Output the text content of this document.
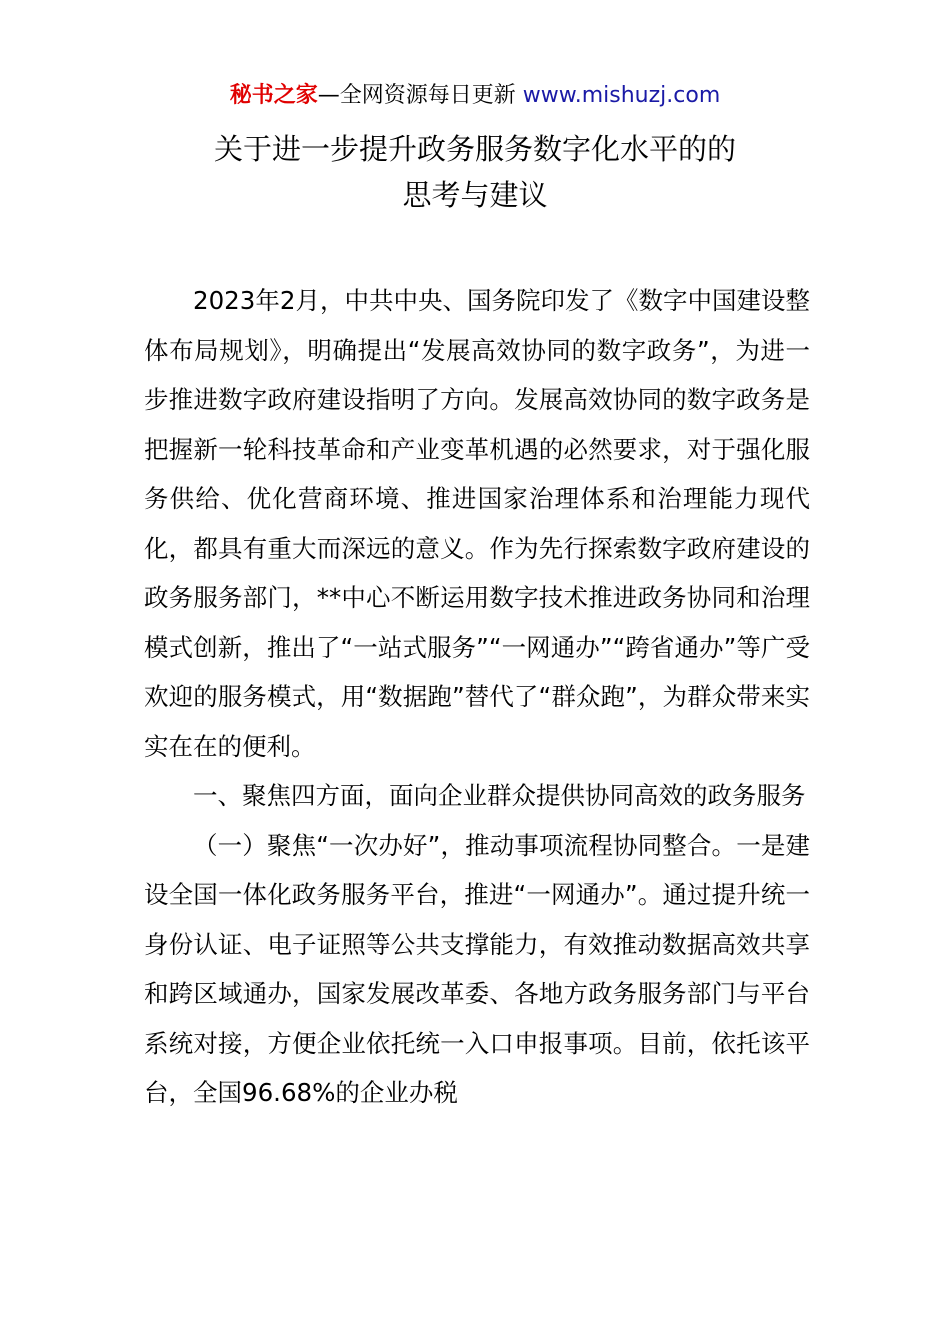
秘书之家—全网资源每日更新 www.mishuzj.com
关于进一步提升政务服务数字化水平的的
思考与建议

2023年2月，中共中央、国务院印发了《数字中国建设整体布局规划》，明确提出“发展高效协同的数字政务”，为进一步推进数字政府建设指明了方向。发展高效协同的数字政务是把握新一轮科技革命和产业变革机遇的必然要求，对于强化服务供给、优化营商环境、推进国家治理体系和治理能力现代化，都具有重大而深远的意义。作为先行探索数字政府建设的政务服务部门，**中心不断运用数字技术推进政务协同和治理模式创新，推出了“一站式服务”“一网通办”“跨省通办”等广受欢迎的服务模式，用“数据跑”替代了“群众跑”，为群众带来实实在在的便利。

一、聚焦四方面，面向企业群众提供协同高效的政务服务

（一）聚焦“一次办好”，推动事项流程协同整合。一是建设全国一体化政务服务平台，推进“一网通办”。通过提升统一身份认证、电子证照等公共支撑能力，有效推动数据高效共享和跨区域通办，国家发展改革委、各地方政务服务部门与平台系统对接，方便企业依托统一入口申报事项。目前，依托该平台，全国96.68%的企业办税
